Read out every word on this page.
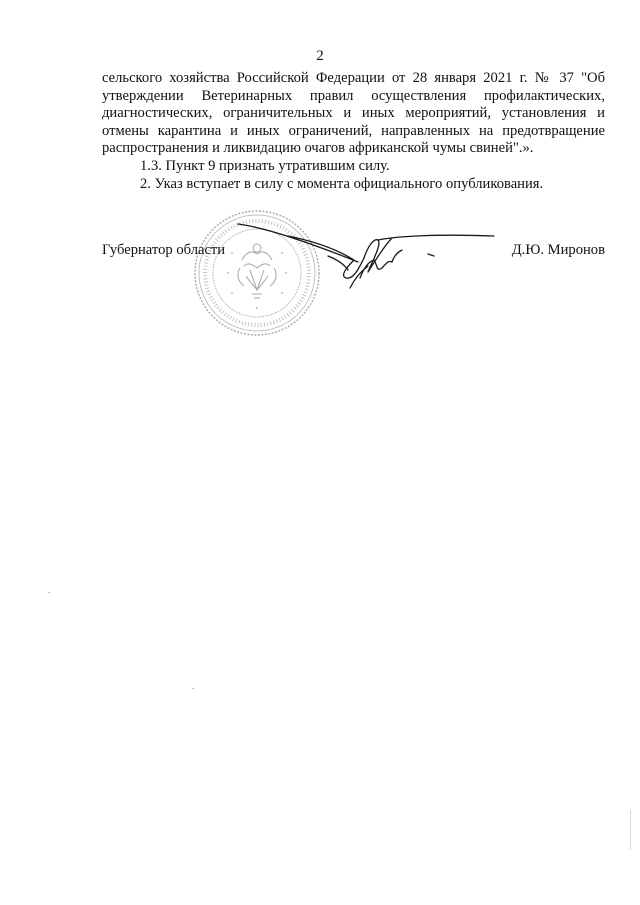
2

сельского хозяйства Российской Федерации от 28 января 2021 г. № 37 "Об утверждении Ветеринарных правил осуществления профилактических, диагностических, ограничительных и иных мероприятий, установления и отмены карантина и иных ограничений, направленных на предотвращение распространения и ликвидацию очагов африканской чумы свиней".».

1.3. Пункт 9 признать утратившим силу.

2. Указ вступает в силу с момента официального опубликования.

Губернатор области	Д.Ю. Миронов
